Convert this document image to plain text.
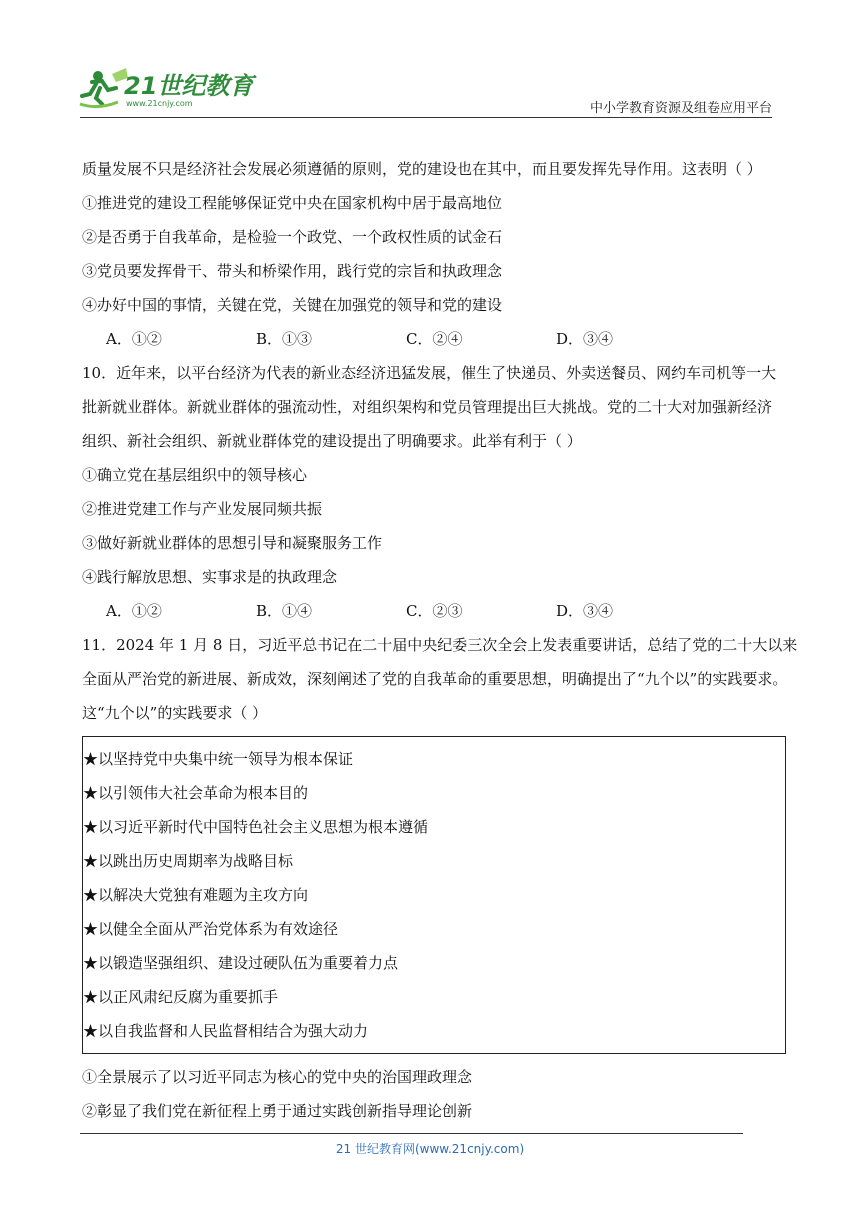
21世纪教育
www.21cnjy.com	中小学教育资源及组卷应用平台
质量发展不只是经济社会发展必须遵循的原则，党的建设也在其中，而且要发挥先导作用。这表明（ ）
①推进党的建设工程能够保证党中央在国家机构中居于最高地位
②是否勇于自我革命，是检验一个政党、一个政权性质的试金石
③党员要发挥骨干、带头和桥梁作用，践行党的宗旨和执政理念
④办好中国的事情，关键在党，关键在加强党的领导和党的建设
A．①②	B．①③	C．②④	D．③④
10．近年来，以平台经济为代表的新业态经济迅猛发展，催生了快递员、外卖送餐员、网约车司机等一大
批新就业群体。新就业群体的强流动性，对组织架构和党员管理提出巨大挑战。党的二十大对加强新经济
组织、新社会组织、新就业群体党的建设提出了明确要求。此举有利于（ ）
①确立党在基层组织中的领导核心
②推进党建工作与产业发展同频共振
③做好新就业群体的思想引导和凝聚服务工作
④践行解放思想、实事求是的执政理念
A．①②	B．①④	C．②③	D．③④
11．2024 年 1 月 8 日，习近平总书记在二十届中央纪委三次全会上发表重要讲话，总结了党的二十大以来
全面从严治党的新进展、新成效，深刻阐述了党的自我革命的重要思想，明确提出了“九个以”的实践要求。
这“九个以”的实践要求（ ）
★以坚持党中央集中统一领导为根本保证
★以引领伟大社会革命为根本目的
★以习近平新时代中国特色社会主义思想为根本遵循
★以跳出历史周期率为战略目标
★以解决大党独有难题为主攻方向
★以健全全面从严治党体系为有效途径
★以锻造坚强组织、建设过硬队伍为重要着力点
★以正风肃纪反腐为重要抓手
★以自我监督和人民监督相结合为强大动力
①全景展示了以习近平同志为核心的党中央的治国理政理念
②彰显了我们党在新征程上勇于通过实践创新指导理论创新
21 世纪教育网(www.21cnjy.com)
